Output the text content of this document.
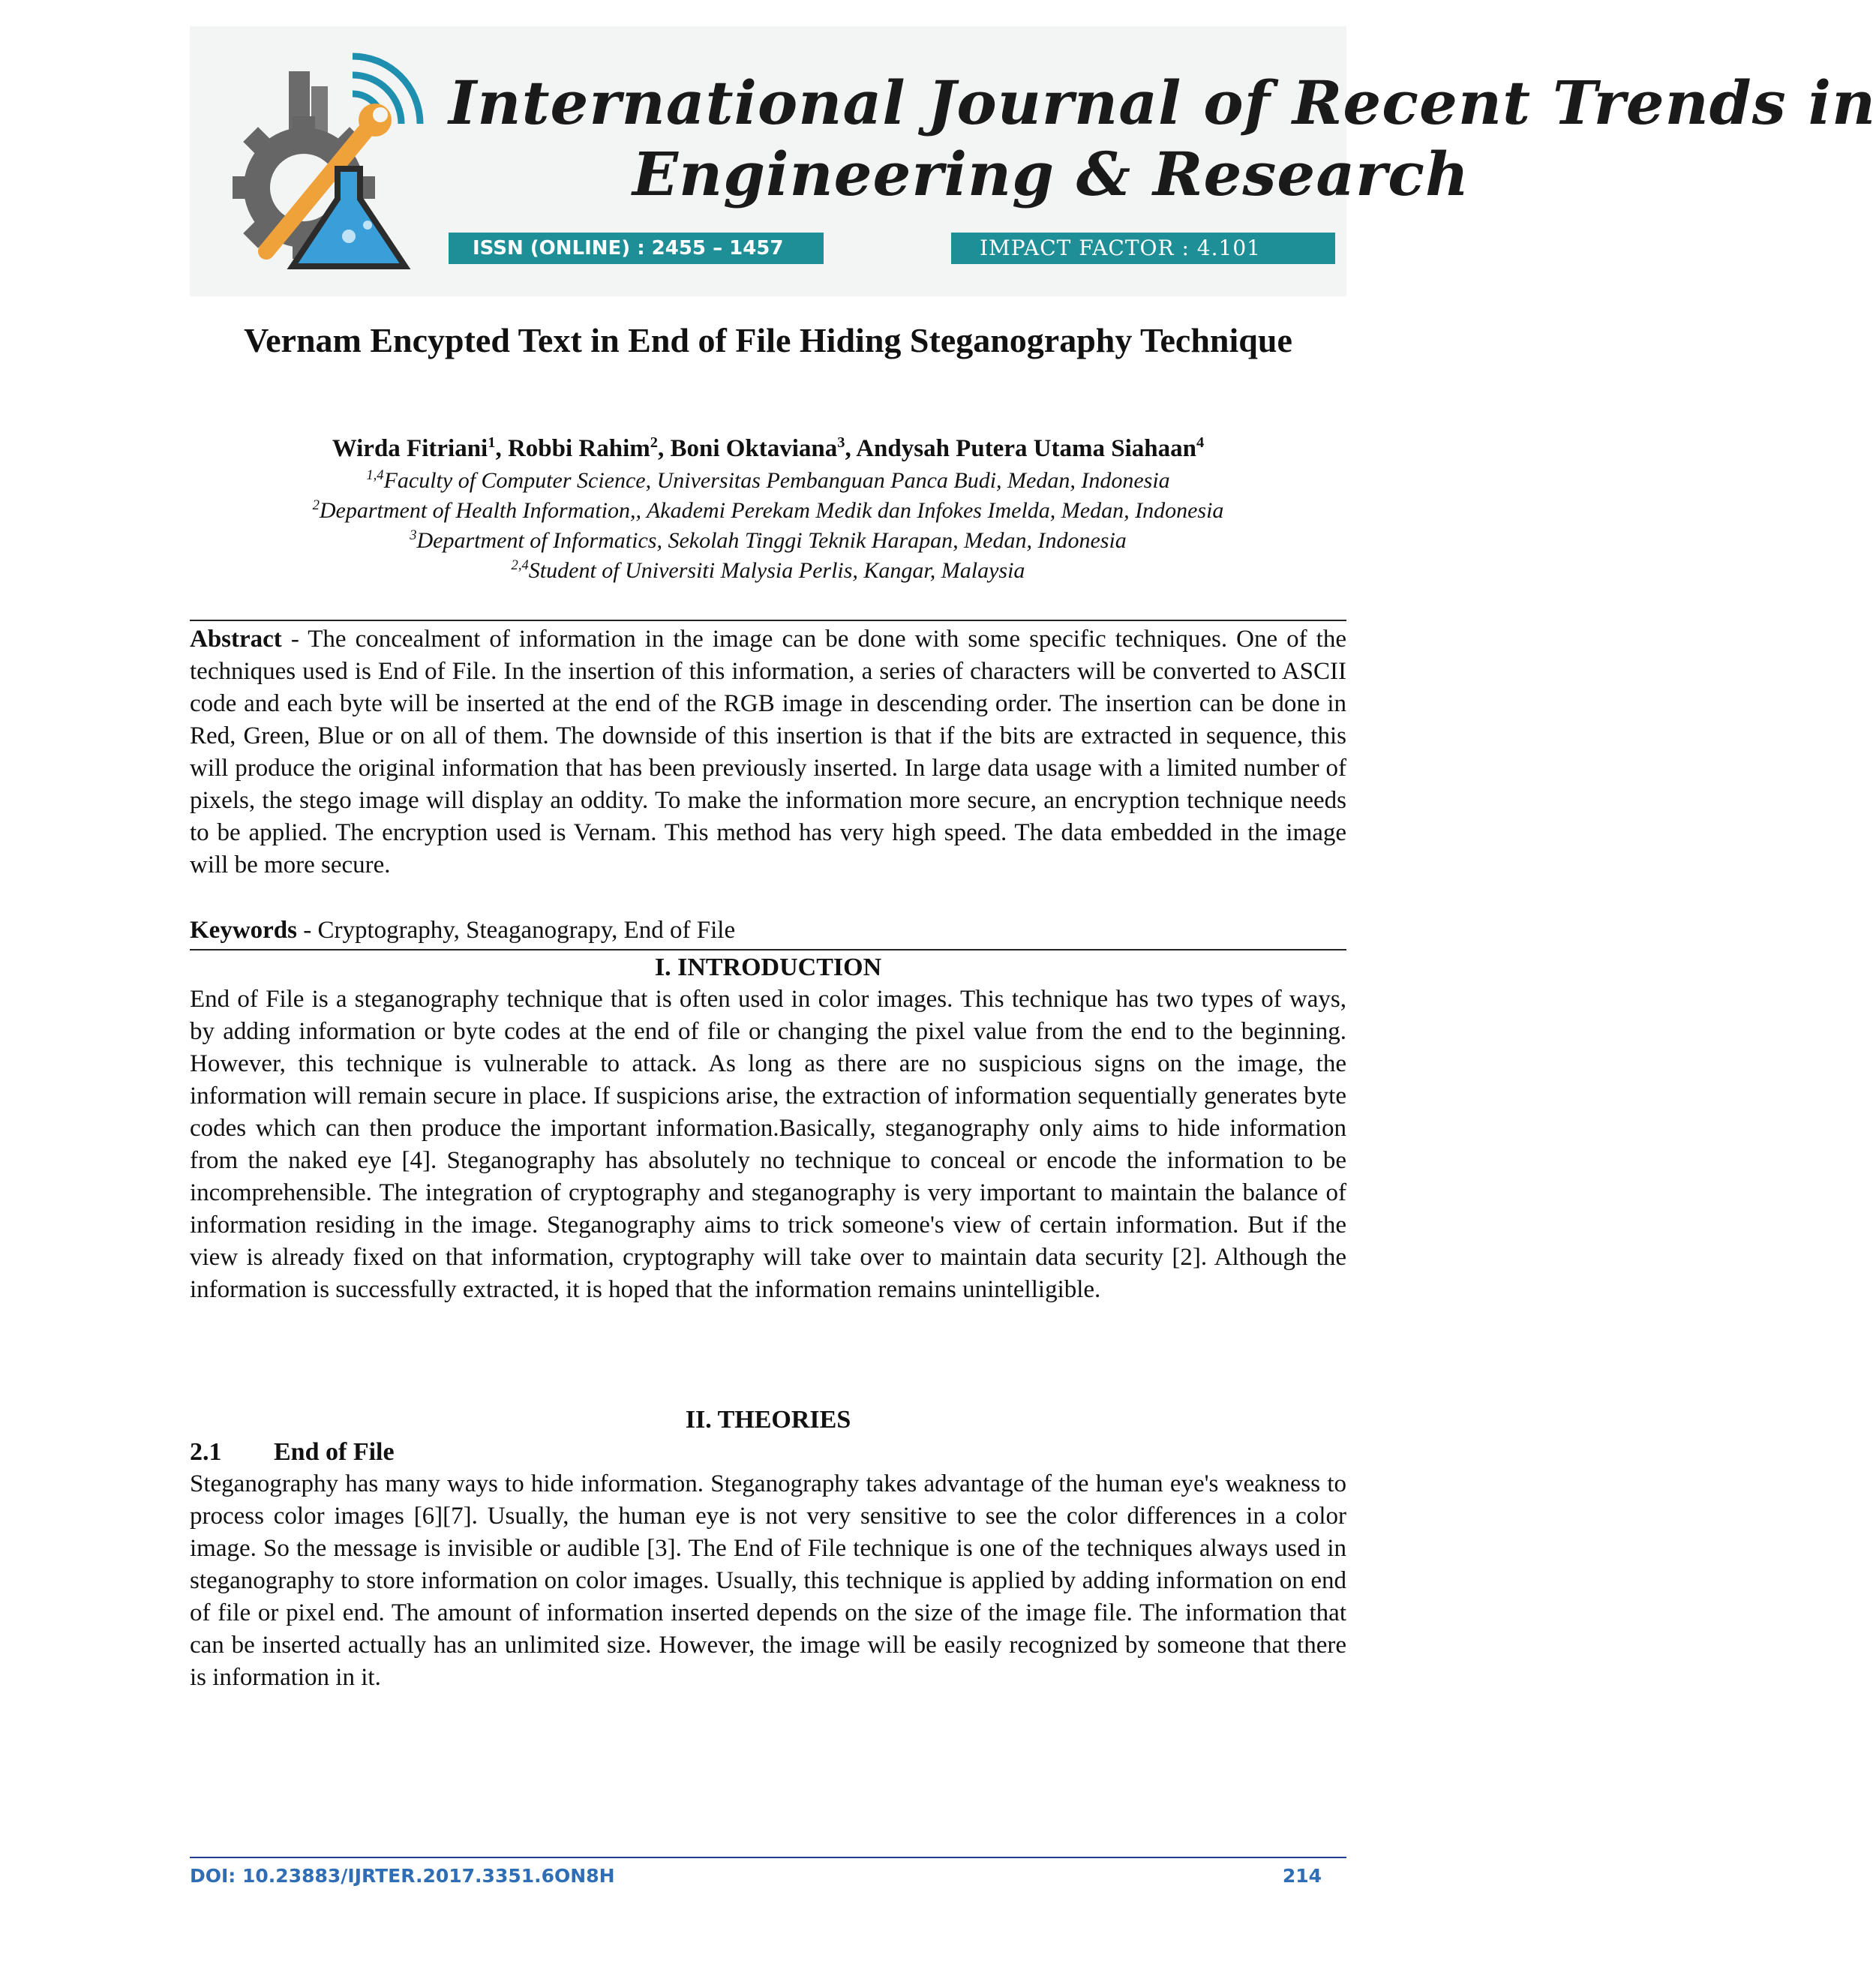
International Journal of Recent Trends in
Engineering & Research
ISSN (ONLINE) : 2455 – 1457	IMPACT FACTOR : 4.101
Vernam Encypted Text in End of File Hiding Steganography Technique
Wirda Fitriani$^1$, Robbi Rahim$^2$, Boni Oktaviana$^3$, Andysah Putera Utama Siahaan$^4$
$^{1,4}$Faculty of Computer Science, Universitas Pembanguan Panca Budi, Medan, Indonesia
$^2$Department of Health Information,, Akademi Perekam Medik dan Infokes Imelda, Medan, Indonesia
$^3$Department of Informatics, Sekolah Tinggi Teknik Harapan, Medan, Indonesia
$^{2,4}$Student of Universiti Malysia Perlis, Kangar, Malaysia
Abstract - The concealment of information in the image can be done with some specific techniques. One of the techniques used is End of File. In the insertion of this information, a series of characters will be converted to ASCII code and each byte will be inserted at the end of the RGB image in descending order. The insertion can be done in Red, Green, Blue or on all of them. The downside of this insertion is that if the bits are extracted in sequence, this will produce the original information that has been previously inserted. In large data usage with a limited number of pixels, the stego image will display an oddity. To make the information more secure, an encryption technique needs to be applied. The encryption used is Vernam. This method has very high speed. The data embedded in the image will be more secure.
Keywords - Cryptography, Steaganograpy, End of File
I. INTRODUCTION
End of File is a steganography technique that is often used in color images. This technique has two types of ways, by adding information or byte codes at the end of file or changing the pixel value from the end to the beginning. However, this technique is vulnerable to attack. As long as there are no suspicious signs on the image, the information will remain secure in place. If suspicions arise, the extraction of information sequentially generates byte codes which can then produce the important information.Basically, steganography only aims to hide information from the naked eye [4]. Steganography has absolutely no technique to conceal or encode the information to be incomprehensible. The integration of cryptography and steganography is very important to maintain the balance of information residing in the image. Steganography aims to trick someone's view of certain information. But if the view is already fixed on that information, cryptography will take over to maintain data security [2]. Although the information is successfully extracted, it is hoped that the information remains unintelligible.
II. THEORIES
2.1 End of File
Steganography has many ways to hide information. Steganography takes advantage of the human eye's weakness to process color images [6][7]. Usually, the human eye is not very sensitive to see the color differences in a color image. So the message is invisible or audible [3]. The End of File technique is one of the techniques always used in steganography to store information on color images. Usually, this technique is applied by adding information on end of file or pixel end. The amount of information inserted depends on the size of the image file. The information that can be inserted actually has an unlimited size. However, the image will be easily recognized by someone that there is information in it.
DOI: 10.23883/IJRTER.2017.3351.6ON8H	214
